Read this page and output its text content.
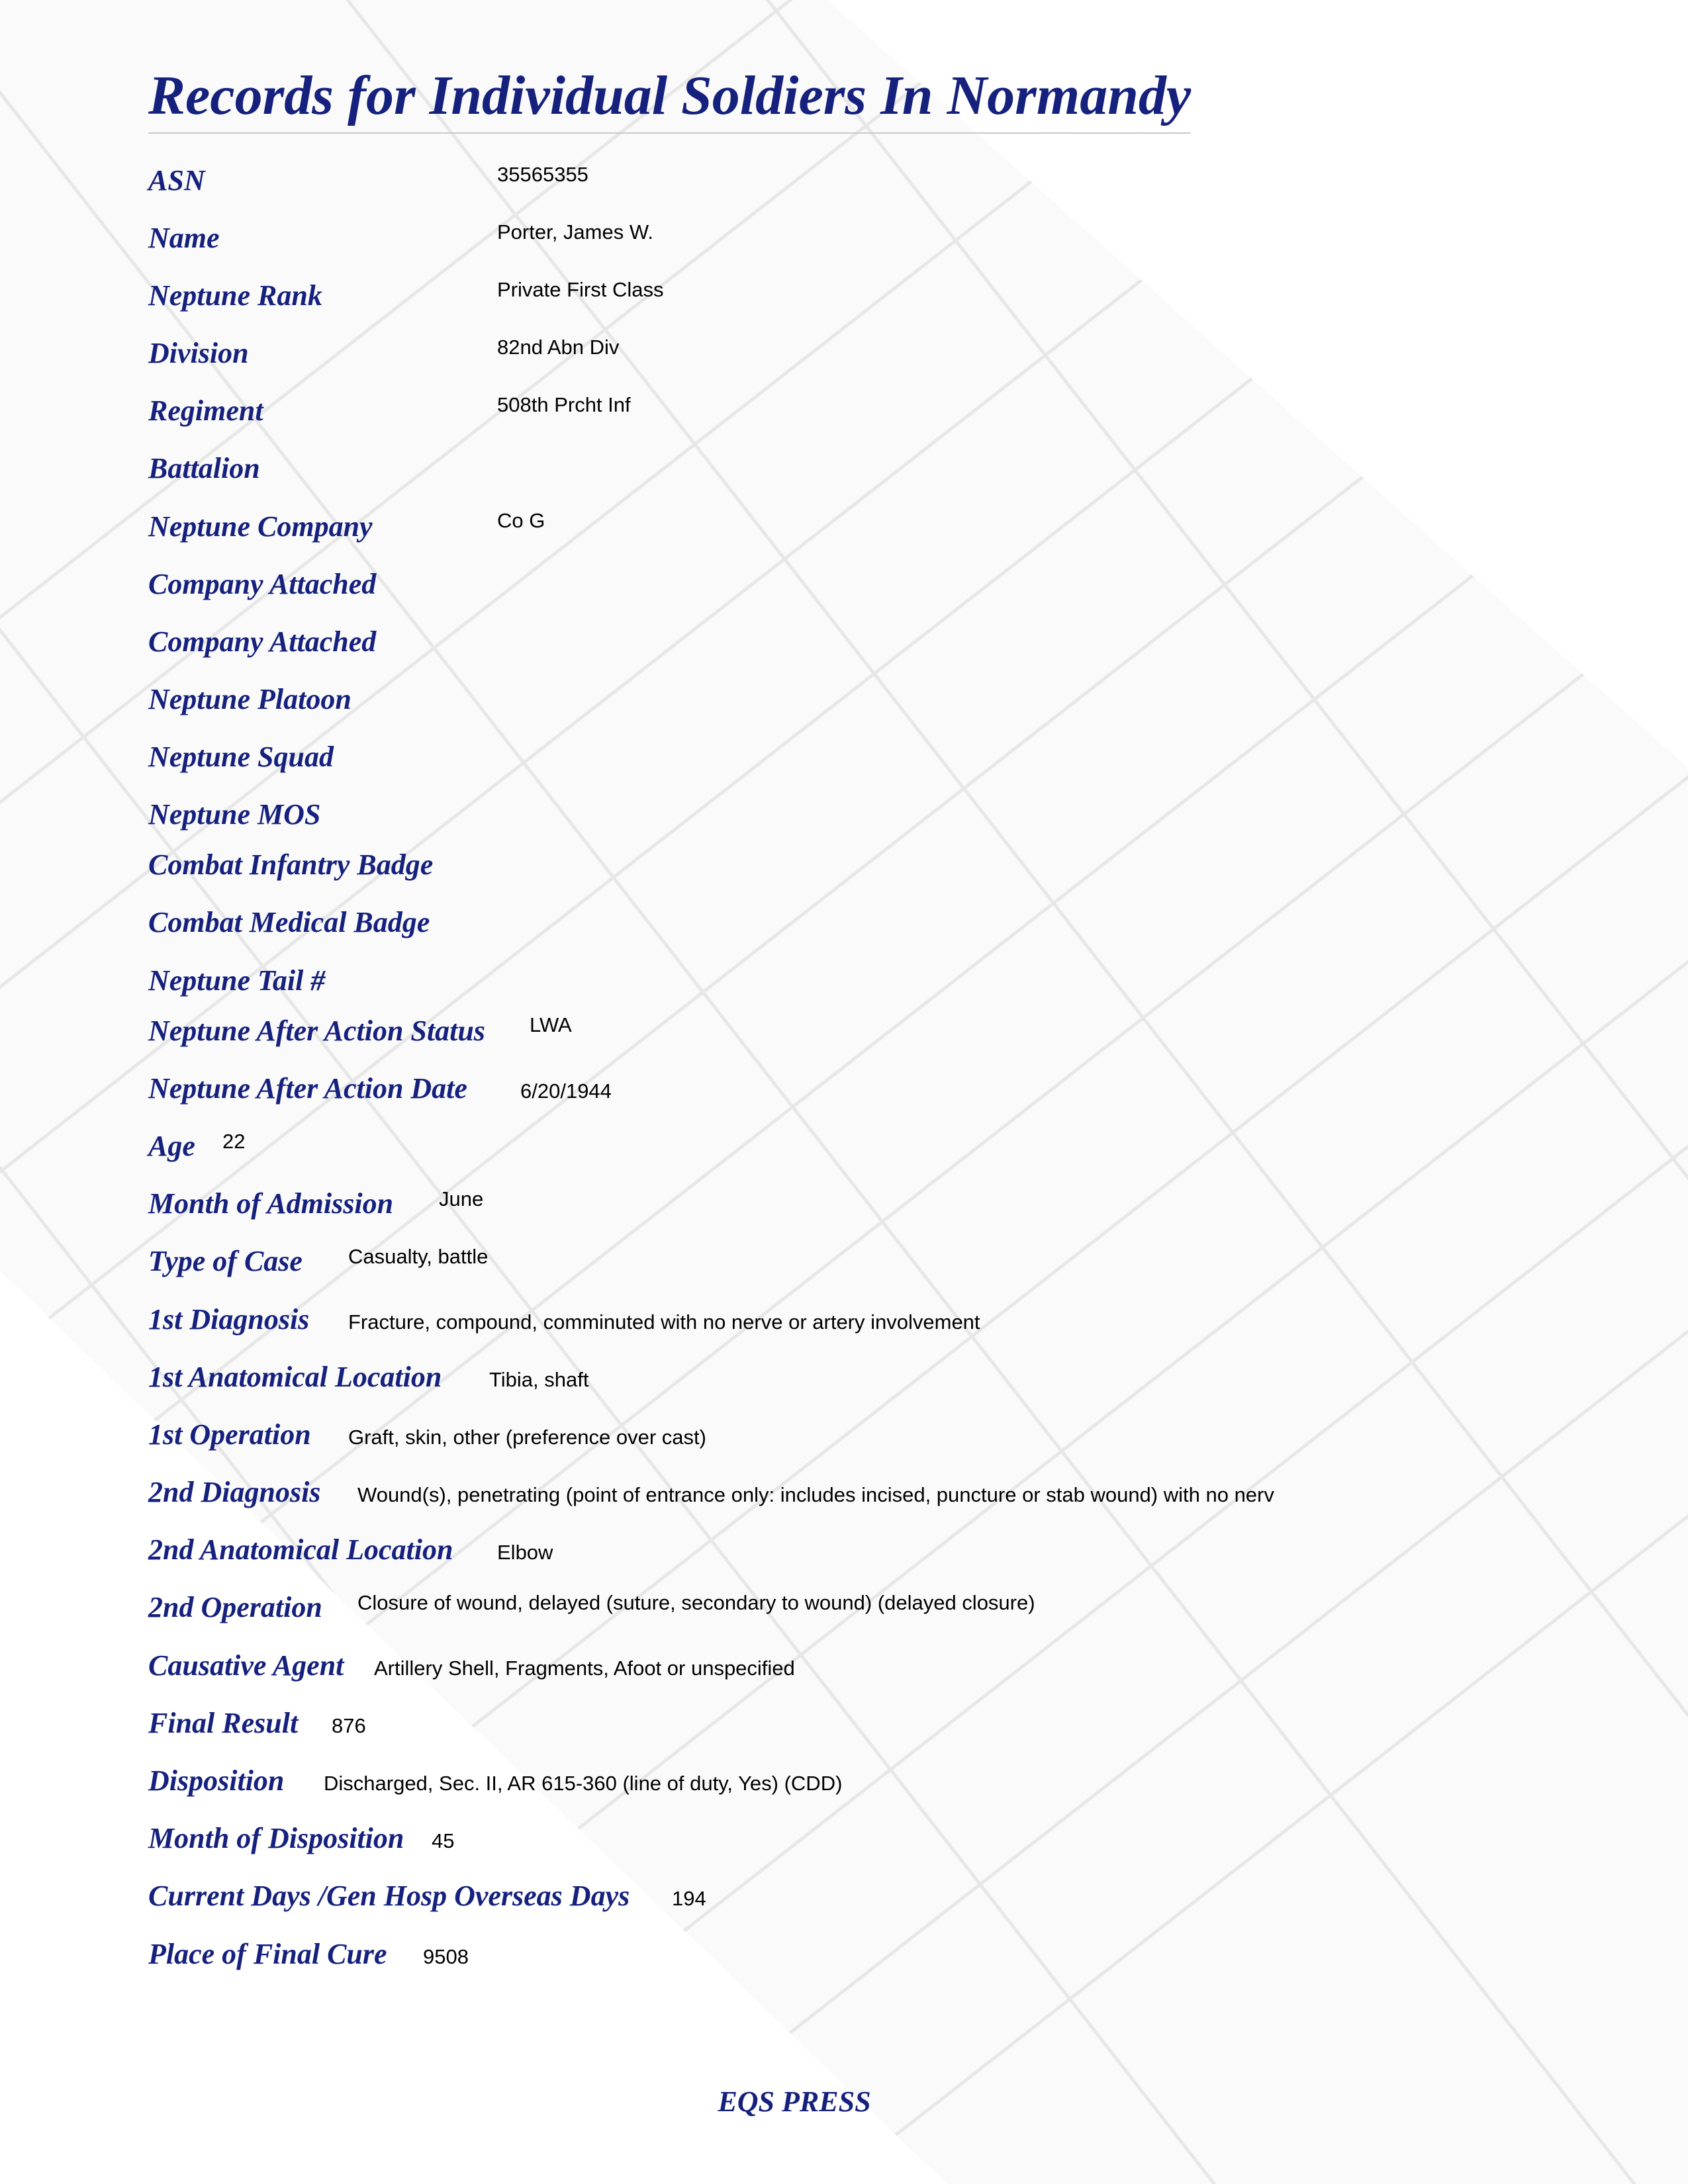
Records for Individual Soldiers In Normandy
ASN	35565355
Name	Porter, James W.
Neptune Rank	Private First Class
Division	82nd Abn Div
Regiment	508th Prcht Inf
Battalion
Neptune Company	Co G
Company Attached
Company Attached
Neptune Platoon
Neptune Squad
Neptune MOS
Combat Infantry Badge
Combat Medical Badge
Neptune Tail #
Neptune After Action Status LWA
Neptune After Action Date	6/20/1944
Age 22
Month of Admission June
Type of Case Casualty, battle
1st Diagnosis Fracture, compound, comminuted with no nerve or artery involvement
1st Anatomical Location Tibia, shaft
1st Operation Graft, skin, other (preference over cast)
2nd Diagnosis Wound(s), penetrating (point of entrance only: includes incised, puncture or stab wound) with no nerv
2nd Anatomical Location Elbow
2nd Operation Closure of wound, delayed (suture, secondary to wound) (delayed closure)
Causative Agent Artillery Shell, Fragments, Afoot or unspecified
Final Result 876
Disposition Discharged, Sec. II, AR 615-360 (line of duty, Yes) (CDD)
Month of Disposition 45
Current Days /Gen Hosp Overseas Days 194
Place of Final Cure 9508
EQS PRESS
